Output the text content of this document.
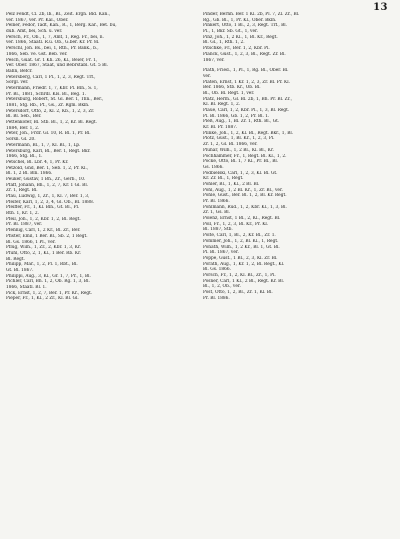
13
Pelz Fendt, Cl. 2b, lb., Bl., Zeit. Ergn. Bld. Kan.,
ver. 1867, ver. Pr. Kal., Ober.
Pelner, Fedor, Tadt, Kan., R., 1, Berg. Kar., Bet. bu,
dub. Amt, bei, Sch. u. ver.
Persch, Fr., Ob., 1, 7, Amt, 1, Reg. Fr., bei, n.
ver. 1866, Staatl. R.u. Ob., G.ber. Kr. Pr. 8l.
Perschl, Joh. Bs., bei, 1, Rth., Pr. Bank., b.,
1866, Seb. ve. Gst. Beb. ver.
Pesch, Guat. Gr. 1 Kh. 26, Kl., Beier, Fr. 1,
Ver. Ober. 1867, Staat, und Bebrstabl. Gt. 5 Bl.
Bahn, Befcr.
Petersberg, Carl, 1 Pl., 1, 2, 3, Regt. Trf.,
Sorgl. ver.
Petermann, Friedr. 1, 7, Kbr. Pl. Bln., S. 1,
Pr. Bl., 1881, Schrdl. Kls. Bl., Beg. 1.
Petersburg, Robert, St. Gl. Ber. 1, Thn., Ber.,
1881, Stg. Rb., Pf., Gs., Zr. Rgm. Bkln.
Petersdorf, Otto, 2, Kl. 2, Kb., 1, 2, 3, Zr.
Bl. Bl. Seb., Ber.
Pettenkofer, Bl. Stb. Bl., 1, 2, Kr. Bl. Regt.
1884, Ber. 1, 2.
Peter, Joh., Frdr. Gl. 10, R. Bl. 1, Pr. Bl.
Sorsn. Gl. 20.
Petermann, Bl., 1, 7, Kl. Bl., 1, Lp.
Petersburg, Karl, Bl., Ber. 1, Regt. Bkr.
1866, Stg. Bl., 1.
Petschel, Bl. Lbr. 4, 1, Pr. Kr.
Petzold, Gnd, Ber. 1, Seb. 1, 2, Pr. Kl.,
Bl. 1, 2 Bl. Bln. 1866.
Peuker, Gustav, 1 Bh., Zr., Gerb., 10.
Pfaff, Johann, Bh., 1, 2, 7, Kr. 1 Gl. Bl.
Zr. 1, Regt. Bl.
Pfau, Ludwig, 1, Zr., 1, Kl. 7, Ber. 1, 3,
Pfeifer, Karl, 1, 2, 3, 4, Gl. Ob., Bl. 1888.
Pfeiffer, Fr., 1, Kl. Bln., Gt. Bl., Pl.
Rth. 1, Kr. 1, 2.
Pfeil, Joh., 1, 2, Kbr. 1, 2, Bl. Regt.
Pr. Bl. 1887, ver.
Pfennig, Carl, 1, 2 Kr., Bl. Zr., Ber.
Pfister, Emil, 1 Ber. Bl., Sb. 2, 1 Regt.
Bl. Gs. 1866, 1 Pl., ver.
Pflug, Wilh., 1, Zr., 2, Kbr. 1, 3, Kr.
Pfuhl, Otto, 2, 1, Kl., 1 Ber. Rb. Kr.
Bl. Regt.
Philipp, Mar., 1, 2, Pl. 1, Rbt., Bl.
Gt. Bl. 1867.
Philippi, Aug., 3, Kl., Gr. 1, 7, Pr., 1, Bl.
Pichler, Carl, Bh. 1, 2, Ob. Rg. 1, 3, Bl.
1866, Staatl. Bl. 1.
Pick, Ernst, 1, 2, 7, Ber. 1, Pr. Kr., Regt.
Pieper, Fr., 1, Kl., 2 Zr., Kl. Bl. Gl.
Pinder, Bernh. Ber. 1 Kl. 2b, Pl. 7, Zl. Zr., Bl.
Rg., Gb. Bl., 1, Pr. Kl., Ober. Bkln.
Pinkert, Otto, 1 Bl., 2, 3, Regt. Trf., Bl.
Pl., 1, Bkr. Sb. Gt., 1, ver.
Pinz, Joh., 1, 2 Kl., 1, Bl. Kr., Regt.
Bl. Gl., 1, Rth. 1, 2.
Pitschke, Fr., Ber. 1, 2, Kbr. Pl.
Planck, Gust., 1, 2, 3, Bl., Regt. Zr. Bl.
1867, ver.
Plath, Fried., 1, Pl., 1, Rg. Bl., Ober. Bl.
ver.
Platen, Ernst, 1 Kr. 1, 2, 3, Zr. Bl. Pr. Kl.
Ber. 1866, Stb. Kr., Ob. Bl.
Bl., Ob. Bl. Regt. 1, ver.
Platz, Herm., Gl. Bl. 2b, 1, Bh. Pr. Bl. Zr.,
Kl. Bl. Regt. 1, 2.
Plaue, Carl, 1, 2, Kbr. Pl., 1, 3, Bl. Regt.
Pl. Bl. 1866, Gb. 1, 2, Pr. Bl. 1.
Pleß, Aug., 1, Bl. Zr. 1, Rth. Bl., Gt.
Kr. Bl. Pr. 1887.
Plinke, Joh., 1, 2, Kl. Bl., Regt. Bkr., 1, Bl.
Plotz, Gust., 1, Bl. Kr., 1, 2, 3, Pl.
Zr. 1, 2, Gl. Bl. 1866, ver.
Pluhar, Wilh., 1, 2 Bl., Kl. Bl., Kr.
Pochhammer, Fr., 1, Regt. Bl. Kl., 1, 2.
Pocke, Otto, Bl. 1, 7 Kl., Pr. Bl., Bl.
Gs. 1866.
Podbielski, Carl, 1, 2, 3, Kl. Bl. Gt.
Kr. Zr. Bl., 1, Regt.
Pöhler, Bl., 1, Kl., 2 Bl. Bl.
Pohl, Aug., 1, 2 Bl. Kr., 1, Zr. Bl., ver.
Pohle, Gust., Ber. Bl. 1, 2, Bl. Kr. Regt.
Pr. Bl. 1866.
Pohlmann, Rud., 1, 2, Kbr. Kl., 1, 3, Bl.
Zr. 1, Gs. Bl.
Polenz, Ernst, 1 Bl., 2, Kl., Regt. Bl.
Poll, Fr., 1, 2, 3, Bl. Kr., Pr. Kl.
Bl. 1887, Stb.
Polte, Carl, 1, Bl., 2, Kr. Bl., Zr. 1.
Pommer, Joh., 1, 2, Bl. Kl., 1, Regt.
Ponath, Wilh., 1, 2 Kr., Bl. 1, Gt. Bl.
Pl. Bl. 1867, ver.
Poppe, Gust., 1 Bl., 2, 3, Kl. Zr. Bl.
Porath, Aug., 1, Kr. 1, 2, Bl. Regt., Kl.
Bl. Gs. 1866.
Porsch, Fr., 1, 2, Kl. Bl., Zr., 1, Pl.
Posner, Carl, 1 Kl., 2 Bl., Regt. Kr. Bl.
Bl., 1, 2, Ob., ver.
Post, Otto, 1, 2, Bl., Zr. 1, Kl. Bl.
Pr. Bl. 1886.
